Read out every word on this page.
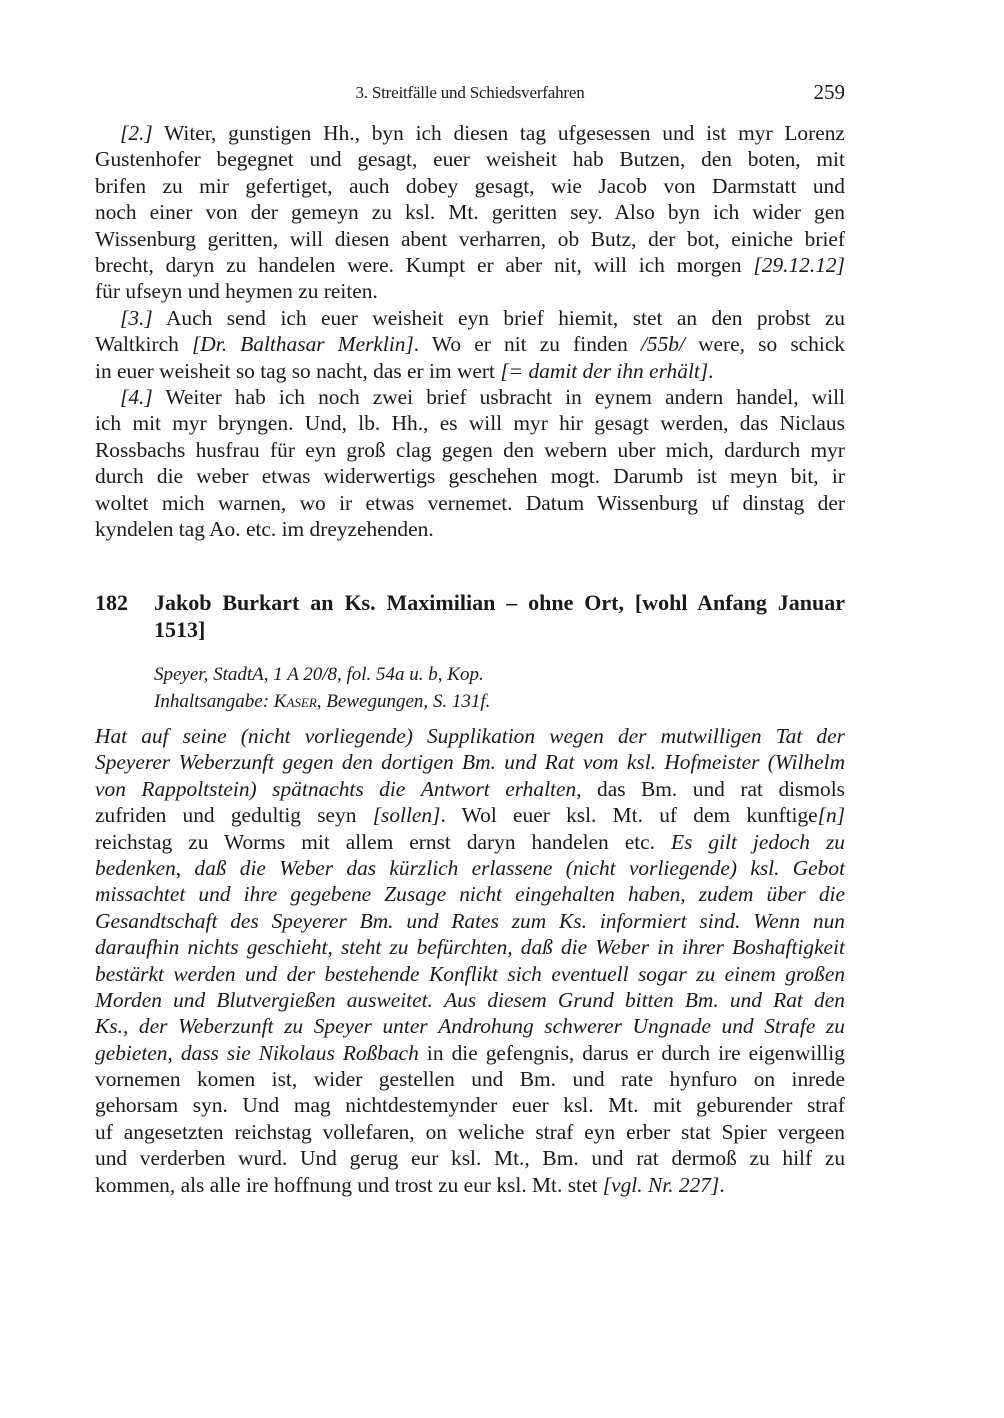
3. Streitfälle und Schiedsverfahren	259
[2.] Witer, gunstigen Hh., byn ich diesen tag ufgesessen und ist myr Lorenz
Gustenhofer begegnet und gesagt, euer weisheit hab Butzen, den boten, mit
brifen zu mir gefertiget, auch dobey gesagt, wie Jacob von Darmstatt und
noch einer von der gemeyn zu ksl. Mt. geritten sey. Also byn ich wider gen
Wissenburg geritten, will diesen abent verharren, ob Butz, der bot, einiche brief
brecht, daryn zu handelen were. Kumpt er aber nit, will ich morgen [29.12.12]
für ufseyn und heymen zu reiten.
[3.] Auch send ich euer weisheit eyn brief hiemit, stet an den probst zu
Waltkirch [Dr. Balthasar Merklin]. Wo er nit zu finden /55b/ were, so schick
in euer weisheit so tag so nacht, das er im wert [= damit der ihn erhält].
[4.] Weiter hab ich noch zwei brief usbracht in eynem andern handel, will
ich mit myr bryngen. Und, lb. Hh., es will myr hir gesagt werden, das Niclaus
Rossbachs husfrau für eyn groß clag gegen den webern uber mich, dardurch myr
durch die weber etwas widerwertigs geschehen mogt. Darumb ist meyn bit, ir
woltet mich warnen, wo ir etwas vernemet. Datum Wissenburg uf dinstag der
kyndelen tag Ao. etc. im dreyzehenden.
182 Jakob Burkart an Ks. Maximilian – ohne Ort, [wohl Anfang Januar
1513]
Speyer, StadtA, 1 A 20/8, fol. 54a u. b, Kop.
Inhaltsangabe: Kaser, Bewegungen, S. 131f.
Hat auf seine (nicht vorliegende) Supplikation wegen der mutwilligen Tat der
Speyerer Weberzunft gegen den dortigen Bm. und Rat vom ksl. Hofmeister (Wilhelm
von Rappoltstein) spätnachts die Antwort erhalten, das Bm. und rat dismols
zufriden und gedultig seyn [sollen]. Wol euer ksl. Mt. uf dem kunftige[n]
reichstag zu Worms mit allem ernst daryn handelen etc. Es gilt jedoch zu
bedenken, daß die Weber das kürzlich erlassene (nicht vorliegende) ksl. Gebot
missachtet und ihre gegebene Zusage nicht eingehalten haben, zudem über die
Gesandtschaft des Speyerer Bm. und Rates zum Ks. informiert sind. Wenn nun
daraufhin nichts geschieht, steht zu befürchten, daß die Weber in ihrer Boshaftigkeit
bestärkt werden und der bestehende Konflikt sich eventuell sogar zu einem großen
Morden und Blutvergießen ausweitet. Aus diesem Grund bitten Bm. und Rat den
Ks., der Weberzunft zu Speyer unter Androhung schwerer Ungnade und Strafe zu
gebieten, dass sie Nikolaus Roßbach in die gefengnis, darus er durch ire eigenwillig
vornemen komen ist, wider gestellen und Bm. und rate hynfuro on inrede
gehorsam syn. Und mag nichtdestemynder euer ksl. Mt. mit geburender straf
uf angesetzten reichstag vollefaren, on weliche straf eyn erber stat Spier vergeen
und verderben wurd. Und gerug eur ksl. Mt., Bm. und rat dermoß zu hilf zu
kommen, als alle ire hoffnung und trost zu eur ksl. Mt. stet [vgl. Nr. 227].
